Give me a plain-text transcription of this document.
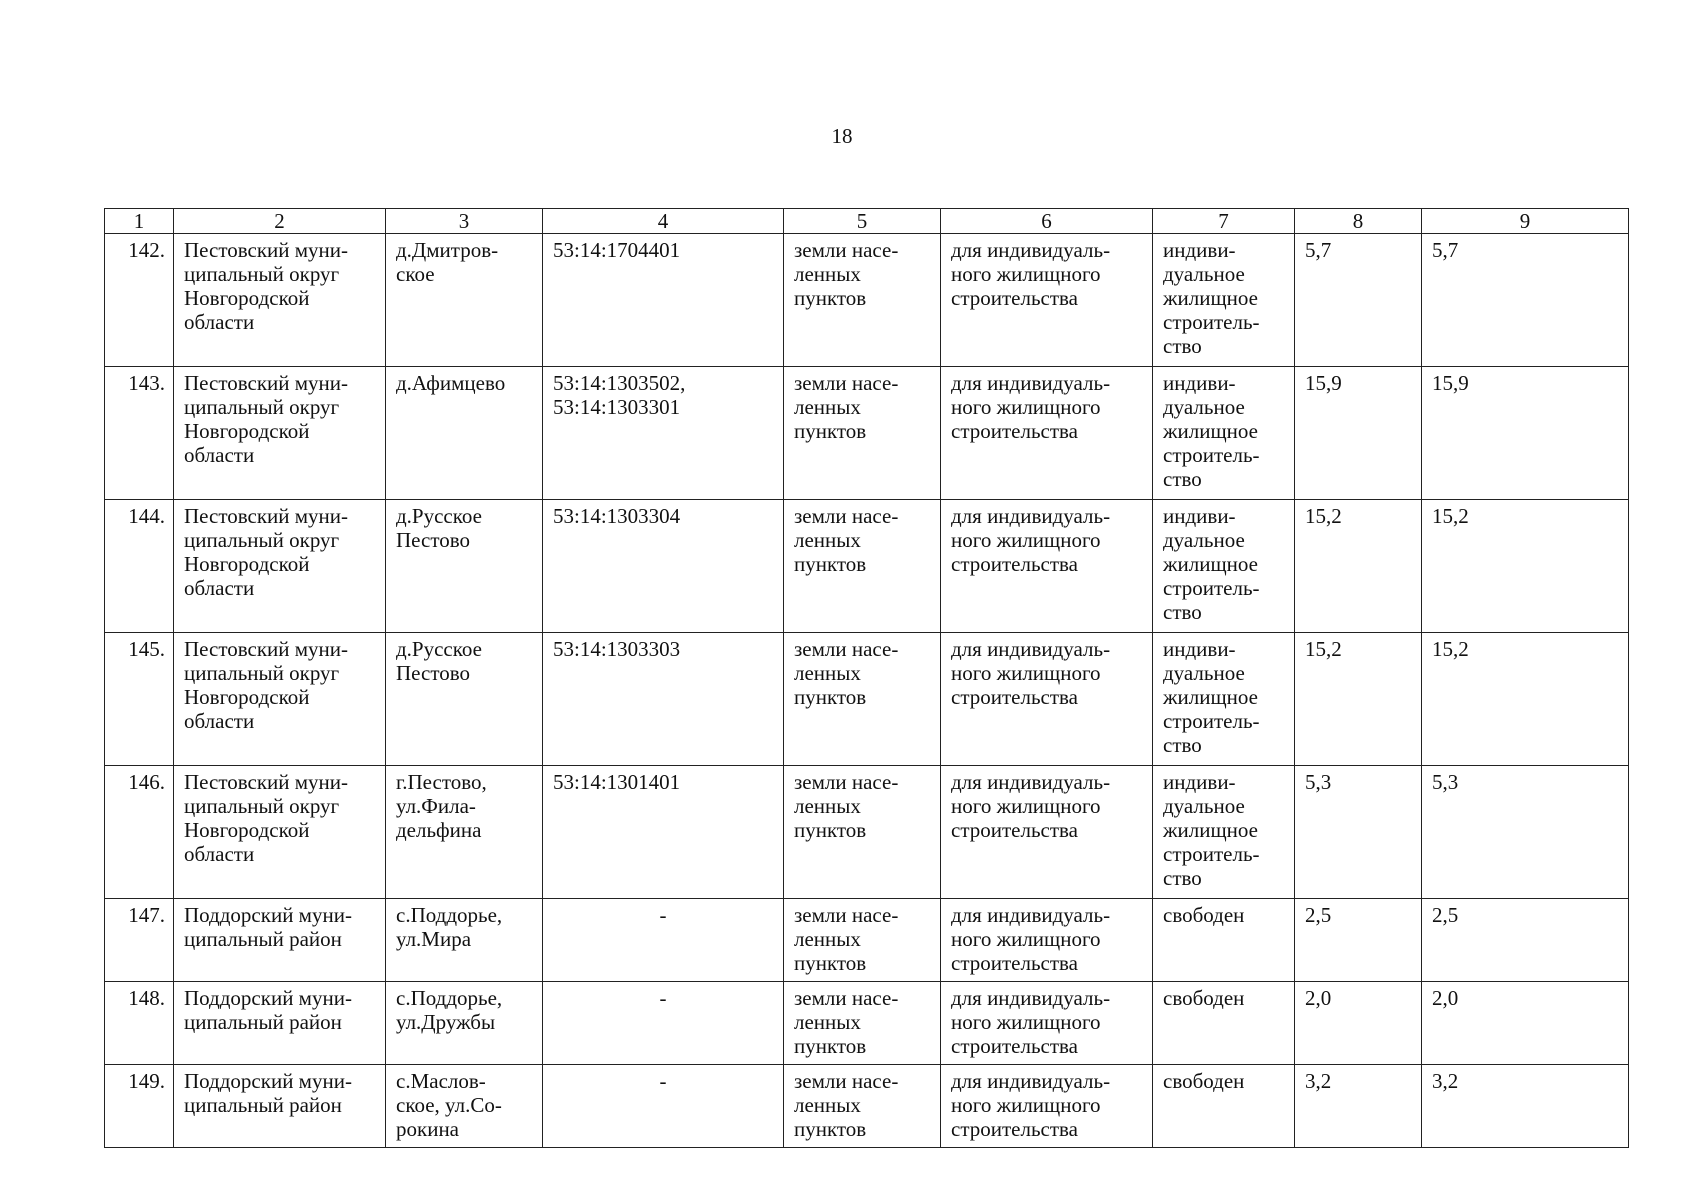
18
1	2	3	4	5	6	7	8	9

142.	Пестовский муни-
ципальный округ
Новгородской
области	д.Дмитров-
ское	53:14:1704401	земли насе-
ленных
пунктов	для индивидуаль-
ного жилищного
строительства	индиви-
дуальное
жилищное
строитель-
ство	5,7	5,7

143.	Пестовский муни-
ципальный округ
Новгородской
области	д.Афимцево	53:14:1303502,
53:14:1303301	земли насе-
ленных
пунктов	для индивидуаль-
ного жилищного
строительства	индиви-
дуальное
жилищное
строитель-
ство	15,9	15,9

144.	Пестовский муни-
ципальный округ
Новгородской
области	д.Русское
Пестово	53:14:1303304	земли насе-
ленных
пунктов	для индивидуаль-
ного жилищного
строительства	индиви-
дуальное
жилищное
строитель-
ство	15,2	15,2

145.	Пестовский муни-
ципальный округ
Новгородской
области	д.Русское
Пестово	53:14:1303303	земли насе-
ленных
пунктов	для индивидуаль-
ного жилищного
строительства	индиви-
дуальное
жилищное
строитель-
ство	15,2	15,2

146.	Пестовский муни-
ципальный округ
Новгородской
области	г.Пестово,
ул.Фила-
дельфина	53:14:1301401	земли насе-
ленных
пунктов	для индивидуаль-
ного жилищного
строительства	индиви-
дуальное
жилищное
строитель-
ство	5,3	5,3

147.	Поддорский муни-
ципальный район	с.Поддорье,
ул.Мира	-	земли насе-
ленных
пунктов	для индивидуаль-
ного жилищного
строительства	свободен	2,5	2,5

148.	Поддорский муни-
ципальный район	с.Поддорье,
ул.Дружбы	-	земли насе-
ленных
пунктов	для индивидуаль-
ного жилищного
строительства	свободен	2,0	2,0

149.	Поддорский муни-
ципальный район	с.Маслов-
ское, ул.Со-
рокина	-	земли насе-
ленных
пунктов	для индивидуаль-
ного жилищного
строительства	свободен	3,2	3,2
